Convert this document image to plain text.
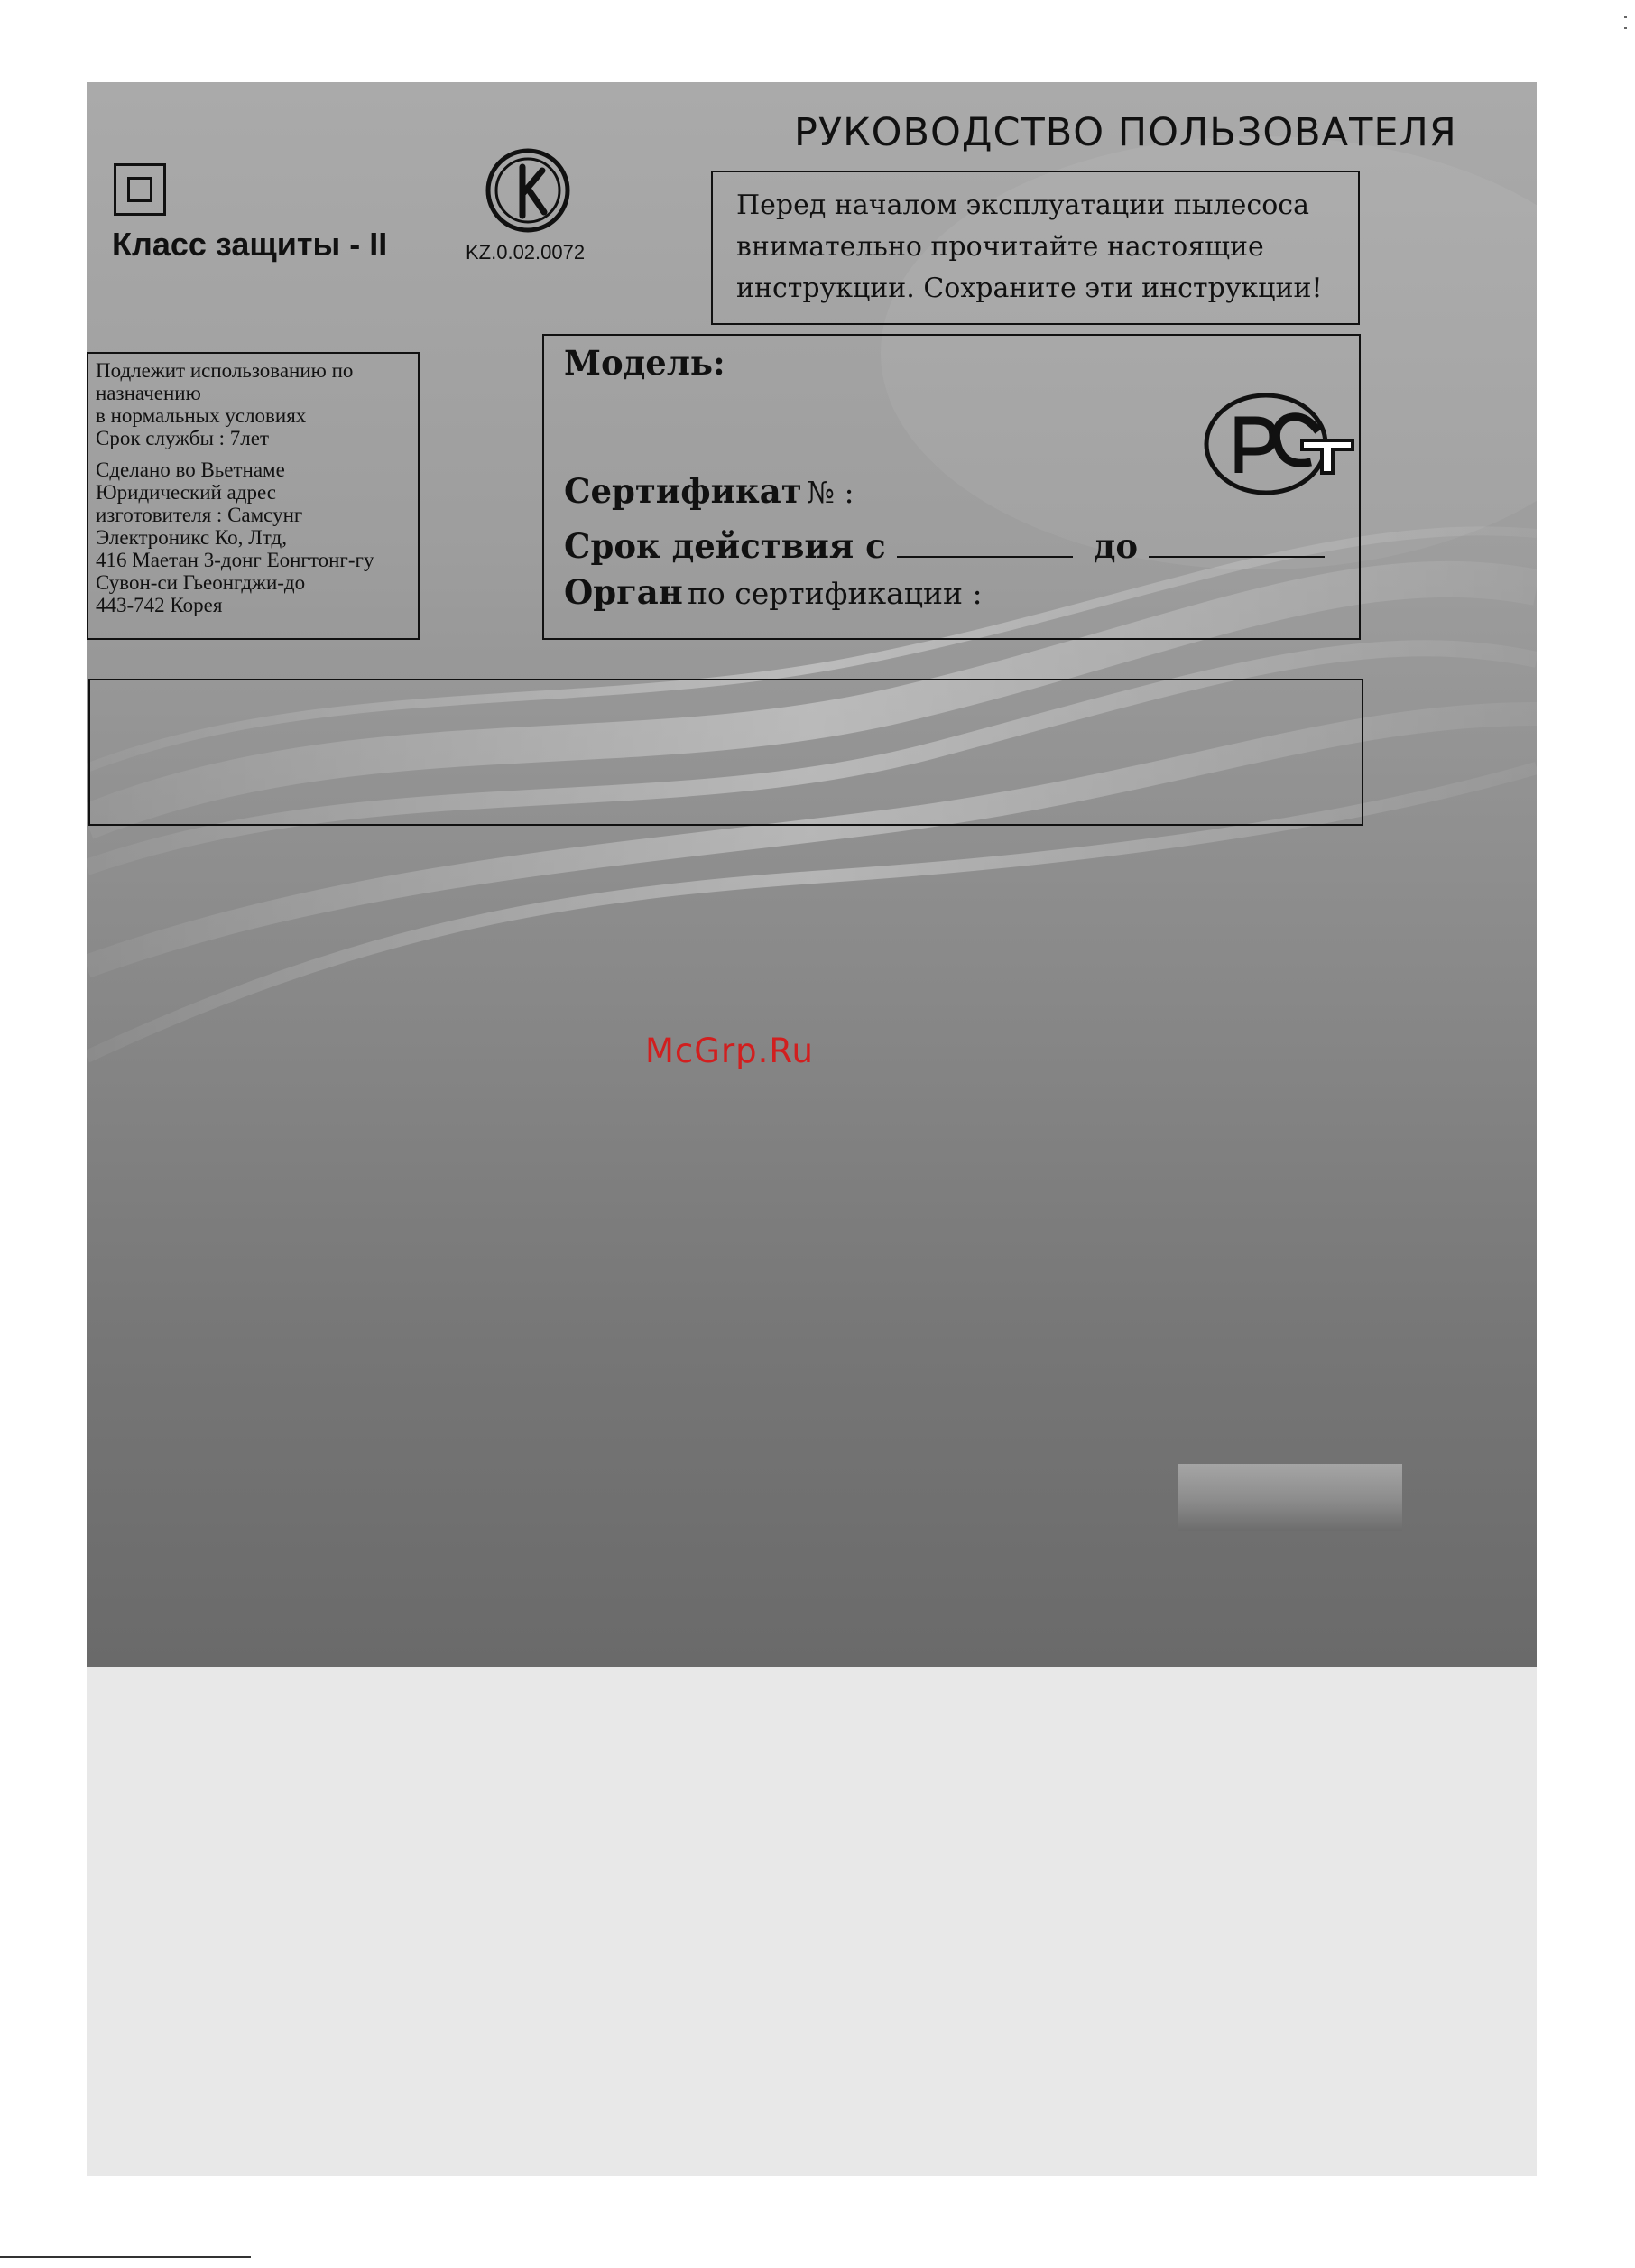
РУКОВОДСТВО ПОЛЬЗОВАТЕЛЯ
Перед началом эксплуатации пылесоса
внимательно прочитайте настоящие
инструкции. Сохраните эти инструкции!
Класс защиты - II	KZ.0.02.0072

Подлежит использованию по

назначению

в нормальных условиях

Срок службы : 7лет

Сделано во Вьетнаме

Юридический адрес

изготовителя : Самсунг

Электроникс Ко, Лтд,

416 Маетан 3-донг Еонгтонг-гу

Сувон-си Гьеонгджи-до

443-742 Корея

Модель:
Сертификат № :
Срок действия с	до
Орган по сертификации :
McGrp.Ru
